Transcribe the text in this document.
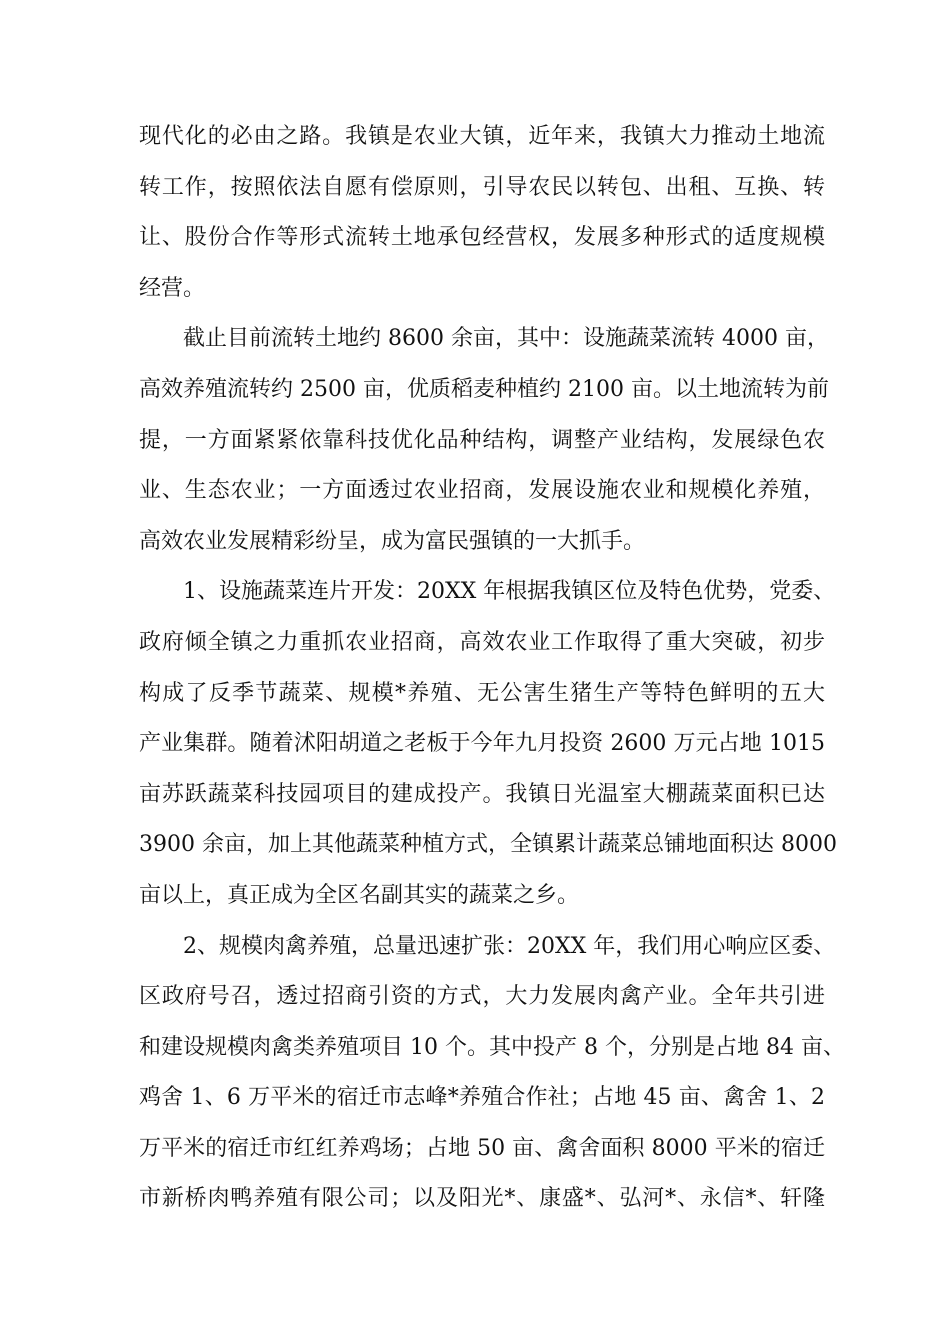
现代化的必由之路。我镇是农业大镇，近年来，我镇大力推动土地流
转工作，按照依法自愿有偿原则，引导农民以转包、出租、互换、转
让、股份合作等形式流转土地承包经营权，发展多种形式的适度规模
经营。
截止目前流转土地约 8600 余亩，其中：设施蔬菜流转 4000 亩，
高效养殖流转约 2500 亩，优质稻麦种植约 2100 亩。以土地流转为前
提，一方面紧紧依靠科技优化品种结构，调整产业结构，发展绿色农
业、生态农业；一方面透过农业招商，发展设施农业和规模化养殖，
高效农业发展精彩纷呈，成为富民强镇的一大抓手。
1、设施蔬菜连片开发：20XX 年根据我镇区位及特色优势，党委、
政府倾全镇之力重抓农业招商，高效农业工作取得了重大突破，初步
构成了反季节蔬菜、规模*养殖、无公害生猪生产等特色鲜明的五大
产业集群。随着沭阳胡道之老板于今年九月投资 2600 万元占地 1015
亩苏跃蔬菜科技园项目的建成投产。我镇日光温室大棚蔬菜面积已达
3900 余亩，加上其他蔬菜种植方式，全镇累计蔬菜总铺地面积达 8000
亩以上，真正成为全区名副其实的蔬菜之乡。
2、规模肉禽养殖，总量迅速扩张：20XX 年，我们用心响应区委、
区政府号召，透过招商引资的方式，大力发展肉禽产业。全年共引进
和建设规模肉禽类养殖项目 10 个。其中投产 8 个，分别是占地 84 亩、
鸡舍 1、6 万平米的宿迁市志峰*养殖合作社；占地 45 亩、禽舍 1、2
万平米的宿迁市红红养鸡场；占地 50 亩、禽舍面积 8000 平米的宿迁
市新桥肉鸭养殖有限公司；以及阳光*、康盛*、弘河*、永信*、轩隆
